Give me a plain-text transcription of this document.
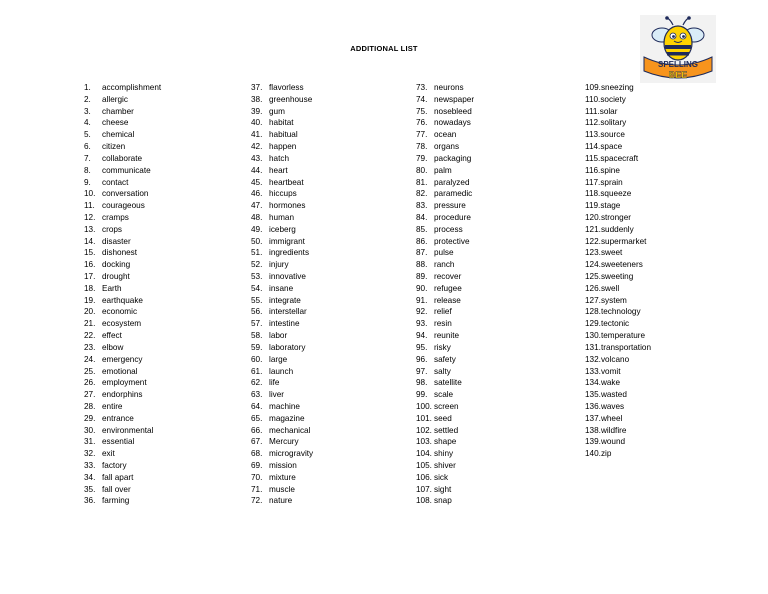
ADDITIONAL LIST
SPELLING
BEE
1. accomplishment
2. allergic
3. chamber
4. cheese
5. chemical
6. citizen
7. collaborate
8. communicate
9. contact
10. conversation
11. courageous
12. cramps
13. crops
14. disaster
15. dishonest
16. docking
17. drought
18. Earth
19. earthquake
20. economic
21. ecosystem
22. effect
23. elbow
24. emergency
25. emotional
26. employment
27. endorphins
28. entire
29. entrance
30. environmental
31. essential
32. exit
33. factory
34. fall apart
35. fall over
36. farming
37. flavorless
38. greenhouse
39. gum
40. habitat
41. habitual
42. happen
43. hatch
44. heart
45. heartbeat
46. hiccups
47. hormones
48. human
49. iceberg
50. immigrant
51. ingredients
52. injury
53. innovative
54. insane
55. integrate
56. interstellar
57. intestine
58. labor
59. laboratory
60. large
61. launch
62. life
63. liver
64. machine
65. magazine
66. mechanical
67. Mercury
68. microgravity
69. mission
70. mixture
71. muscle
72. nature
73. neurons
74. newspaper
75. nosebleed
76. nowadays
77. ocean
78. organs
79. packaging
80. palm
81. paralyzed
82. paramedic
83. pressure
84. procedure
85. process
86. protective
87. pulse
88. ranch
89. recover
90. refugee
91. release
92. relief
93. resin
94. reunite
95. risky
96. safety
97. salty
98. satellite
99. scale
100. screen
101. seed
102. settled
103. shape
104. shiny
105. shiver
106. sick
107. sight
108. snap
109.sneezing
110.society
111.solar
112.solitary
113.source
114.space
115.spacecraft
116.spine
117.sprain
118.squeeze
119.stage
120.stronger
121.suddenly
122.supermarket
123.sweet
124.sweeteners
125.sweeting
126.swell
127.system
128.technology
129.tectonic
130.temperature
131.transportation
132.volcano
133.vomit
134.wake
135.wasted
136.waves
137.wheel
138.wildfire
139.wound
140.zip
